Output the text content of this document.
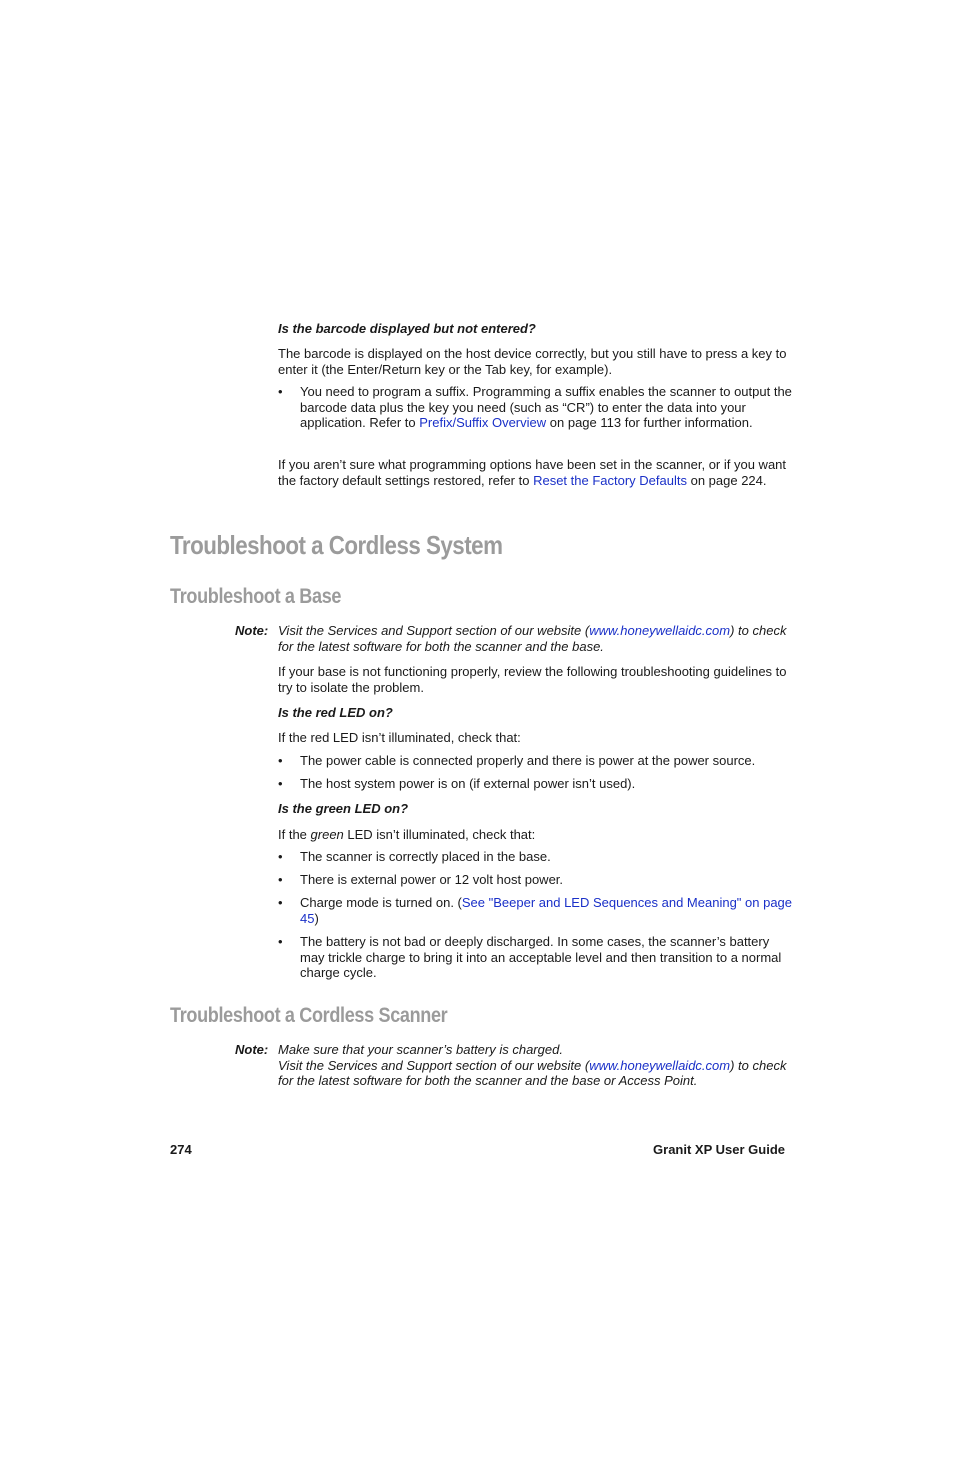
Is the barcode displayed but not entered?
The barcode is displayed on the host device correctly, but you still have to press a key to enter it (the Enter/Return key or the Tab key, for example).
• You need to program a suffix. Programming a suffix enables the scanner to output the barcode data plus the key you need (such as “CR”) to enter the data into your application. Refer to Prefix/Suffix Overview on page 113 for further information.
If you aren’t sure what programming options have been set in the scanner, or if you want the factory default settings restored, refer to Reset the Factory Defaults on page 224.
Troubleshoot a Cordless System
Troubleshoot a Base
Note: Visit the Services and Support section of our website (www.honeywellaidc.com) to check for the latest software for both the scanner and the base.
If your base is not functioning properly, review the following troubleshooting guidelines to try to isolate the problem.
Is the red LED on?
If the red LED isn’t illuminated, check that:
• The power cable is connected properly and there is power at the power source.
• The host system power is on (if external power isn’t used).
Is the green LED on?
If the green LED isn’t illuminated, check that:
• The scanner is correctly placed in the base.
• There is external power or 12 volt host power.
• Charge mode is turned on. (See "Beeper and LED Sequences and Meaning" on page 45)
• The battery is not bad or deeply discharged. In some cases, the scanner’s battery may trickle charge to bring it into an acceptable level and then transition to a normal charge cycle.
Troubleshoot a Cordless Scanner
Note: Make sure that your scanner’s battery is charged.
Visit the Services and Support section of our website (www.honeywellaidc.com) to check for the latest software for both the scanner and the base or Access Point.
274	Granit XP User Guide
